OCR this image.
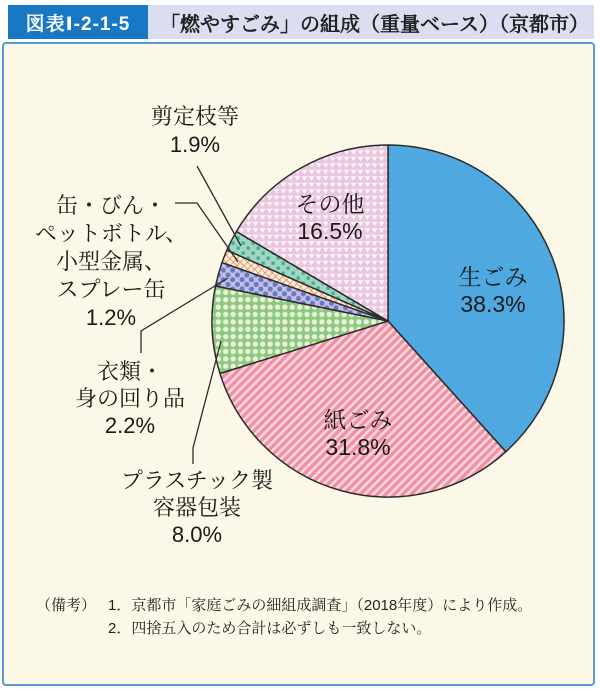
図表Ⅰ-2-1-5	「燃やすごみ」の組成（重量ベース）（京都市）
生ごみ
38.3%
紙ごみ
31.8%
その他
16.5%
剪定枝等
1.9%
缶・びん・
ペットボトル、
小型金属、
スプレー缶
1.2%
衣類・
身の回り品
2.2%
プラスチック製
容器包装
8.0%
（備考） 1．京都市「家庭ごみの細組成調査」（2018年度）により作成。
2．四捨五入のため合計は必ずしも一致しない。
